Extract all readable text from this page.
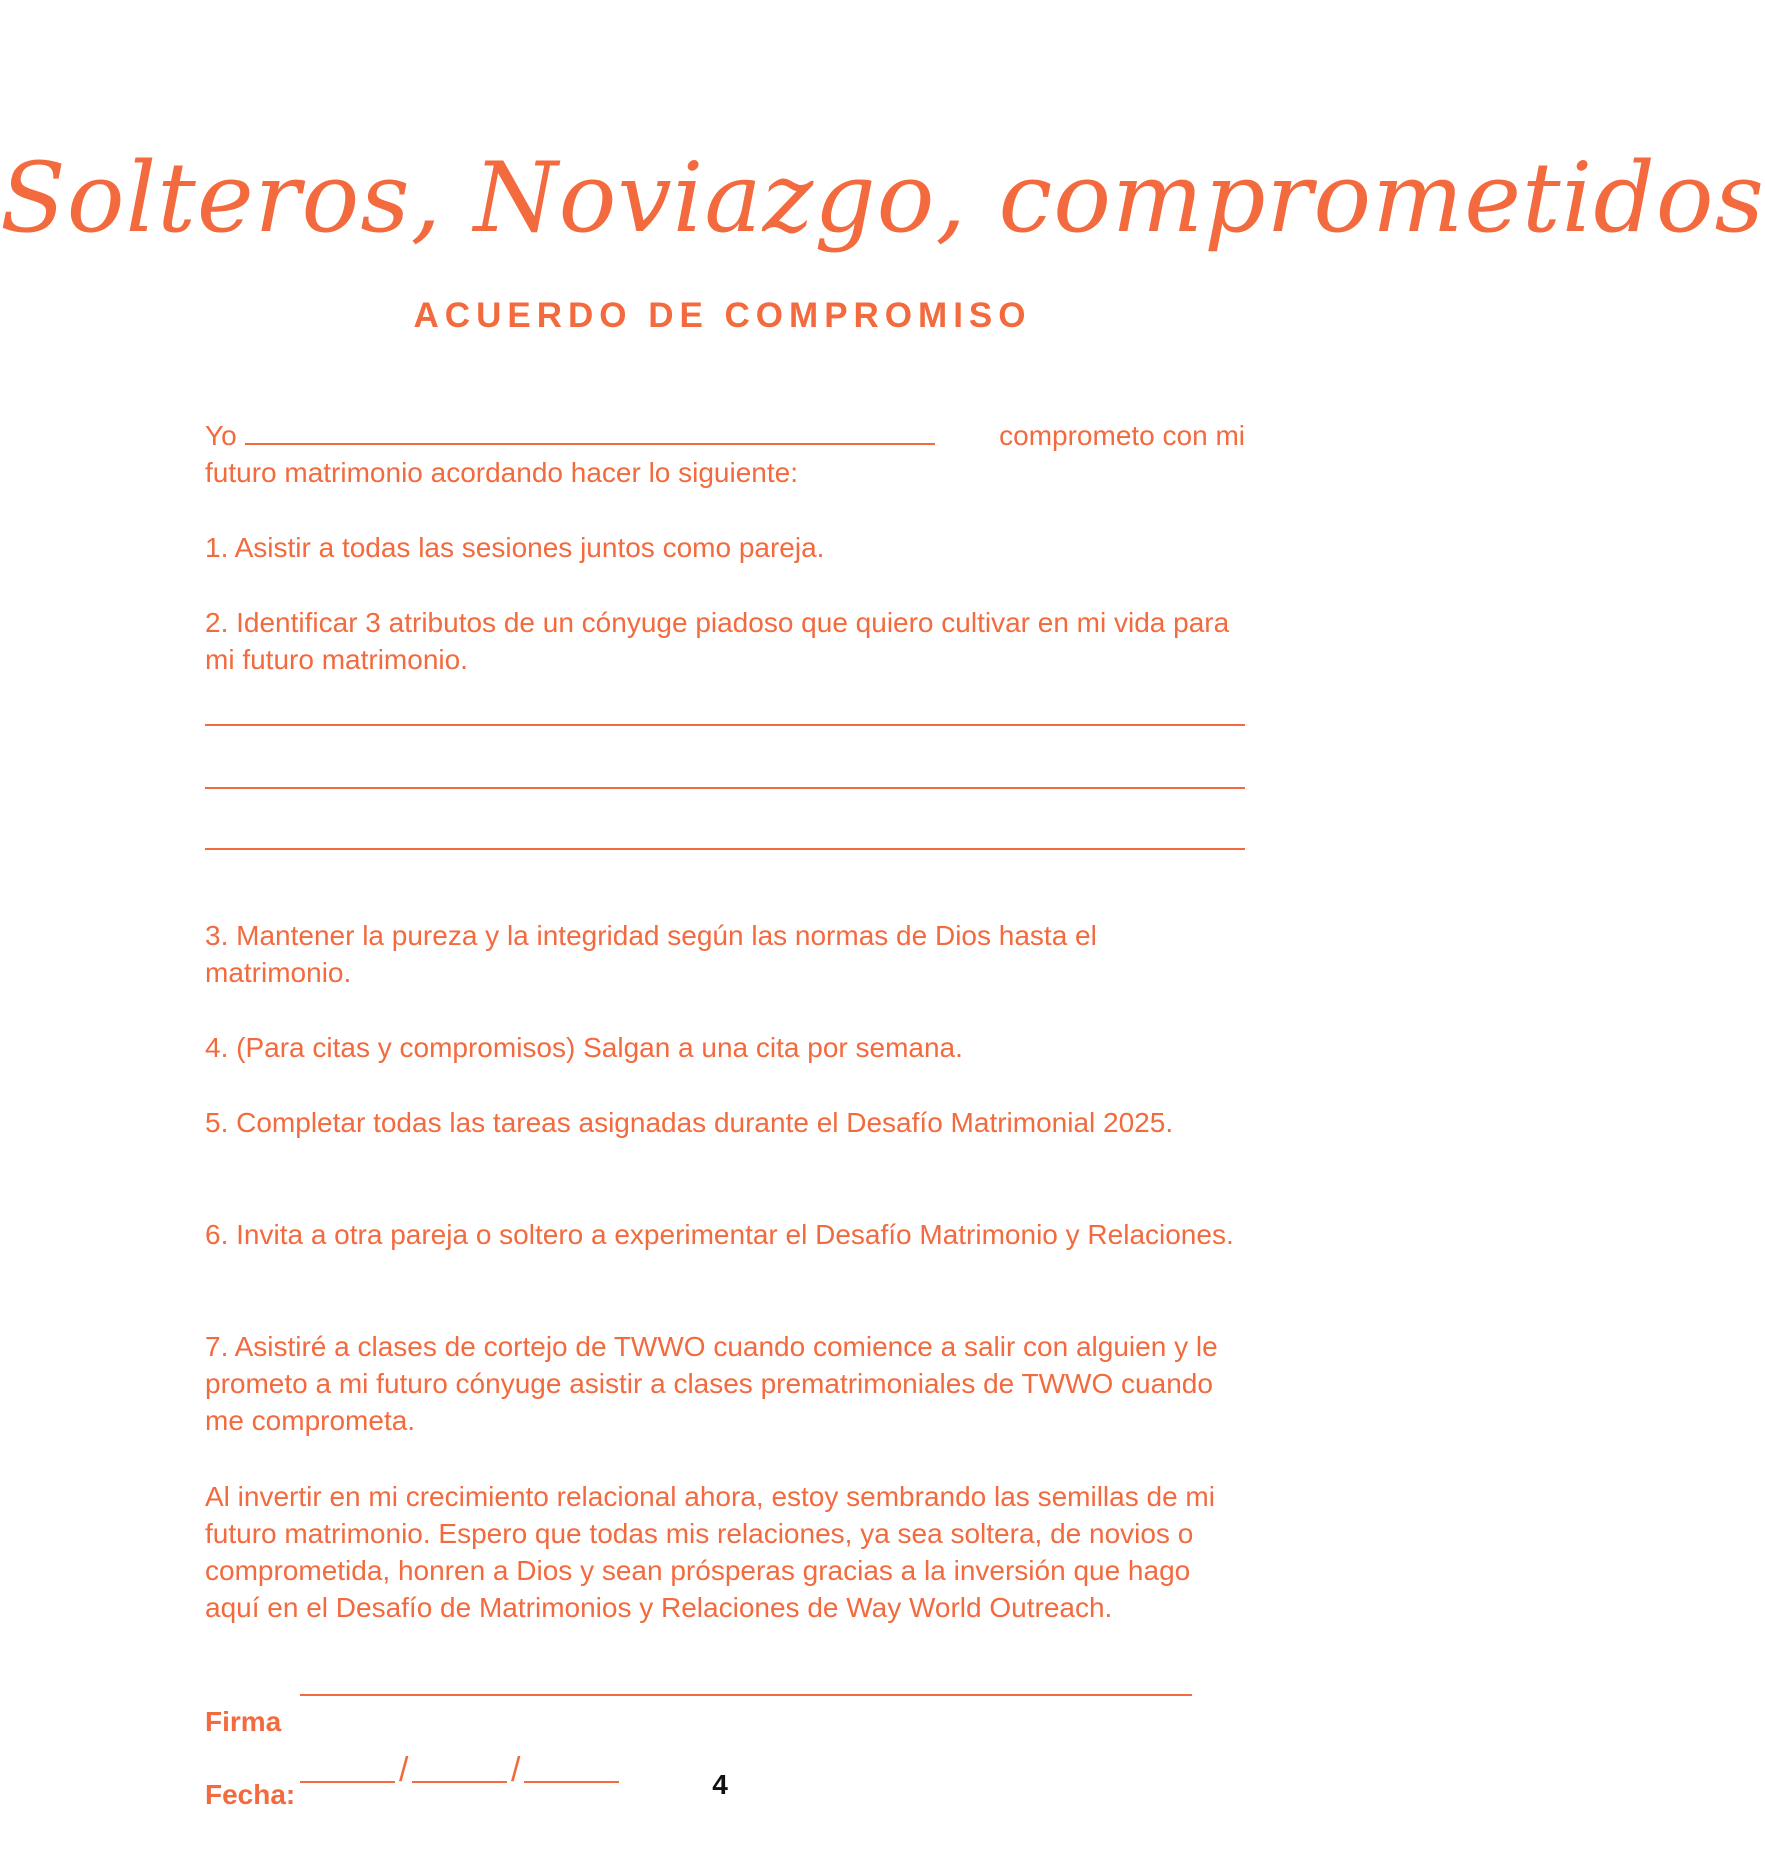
Solteros, Noviazgo, comprometidos
ACUERDO DE COMPROMISO
Yo	comprometo con mi
futuro matrimonio acordando hacer lo siguiente:
1. Asistir a todas las sesiones juntos como pareja.
2. Identificar 3 atributos de un cónyuge piadoso que quiero cultivar en mi vida para mi futuro matrimonio.
3. Mantener la pureza y la integridad según las normas de Dios hasta el matrimonio.
4. (Para citas y compromisos) Salgan a una cita por semana.
5. Completar todas las tareas asignadas durante el Desafío Matrimonial 2025.
6. Invita a otra pareja o soltero a experimentar el Desafío Matrimonio y Relaciones.
7. Asistiré a clases de cortejo de TWWO cuando comience a salir con alguien y le prometo a mi futuro cónyuge asistir a clases prematrimoniales de TWWO cuando me comprometa.
Al invertir en mi crecimiento relacional ahora, estoy sembrando las semillas de mi futuro matrimonio. Espero que todas mis relaciones, ya sea soltera, de novios o comprometida, honren a Dios y sean prósperas gracias a la inversión que hago aquí en el Desafío de Matrimonios y Relaciones de Way World Outreach.
Firma
/	/
Fecha:	4
